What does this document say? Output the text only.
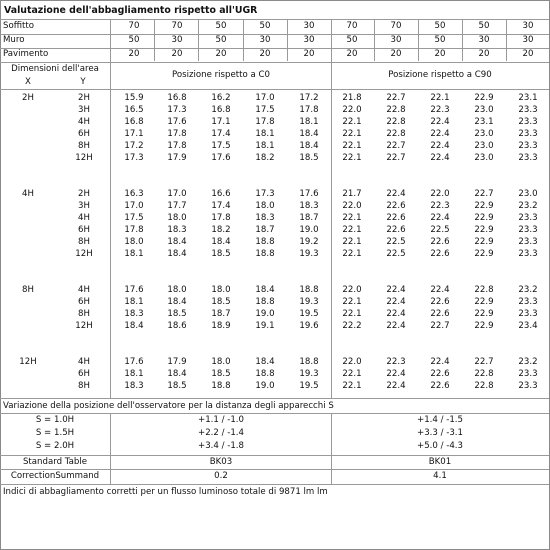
Valutazione dell'abbagliamento rispetto all'UGR
Soffitto	70	70	50	50	30	70	70	50	50	30
Muro	50	30	50	30	30	50	30	50	30	30
Pavimento	20	20	20	20	20	20	20	20	20	20
Dimensioni dell'area
X	Y
Posizione rispetto a C0	Posizione rispetto a C90
2H	2H	15.9	16.8	16.2	17.0	17.2	21.8	22.7	22.1	22.9	23.1
3H	16.5	17.3	16.8	17.5	17.8	22.0	22.8	22.3	23.0	23.3
4H	16.8	17.6	17.1	17.8	18.1	22.1	22.8	22.4	23.1	23.3
6H	17.1	17.8	17.4	18.1	18.4	22.1	22.8	22.4	23.0	23.3
8H	17.2	17.8	17.5	18.1	18.4	22.1	22.7	22.4	23.0	23.3
12H	17.3	17.9	17.6	18.2	18.5	22.1	22.7	22.4	23.0	23.3
4H	2H	16.3	17.0	16.6	17.3	17.6	21.7	22.4	22.0	22.7	23.0
3H	17.0	17.7	17.4	18.0	18.3	22.0	22.6	22.3	22.9	23.2
4H	17.5	18.0	17.8	18.3	18.7	22.1	22.6	22.4	22.9	23.3
6H	17.8	18.3	18.2	18.7	19.0	22.1	22.6	22.5	22.9	23.3
8H	18.0	18.4	18.4	18.8	19.2	22.1	22.5	22.6	22.9	23.3
12H	18.1	18.4	18.5	18.8	19.3	22.1	22.5	22.6	22.9	23.3
8H	4H	17.6	18.0	18.0	18.4	18.8	22.0	22.4	22.4	22.8	23.2
6H	18.1	18.4	18.5	18.8	19.3	22.1	22.4	22.6	22.9	23.3
8H	18.3	18.5	18.7	19.0	19.5	22.1	22.4	22.6	22.9	23.3
12H	18.4	18.6	18.9	19.1	19.6	22.2	22.4	22.7	22.9	23.4
12H	4H	17.6	17.9	18.0	18.4	18.8	22.0	22.3	22.4	22.7	23.2
6H	18.1	18.4	18.5	18.8	19.3	22.1	22.4	22.6	22.8	23.3
8H	18.3	18.5	18.8	19.0	19.5	22.1	22.4	22.6	22.8	23.3
Variazione della posizione dell'osservatore per la distanza degli apparecchi S
S = 1.0H	+1.1 / -1.0	+1.4 / -1.5
S = 1.5H	+2.2 / -1.4	+3.3 / -3.1
S = 2.0H	+3.4 / -1.8	+5.0 / -4.3
Standard Table	BK03	BK01
CorrectionSummand	0.2	4.1
Indici di abbagliamento corretti per un flusso luminoso totale di 9871 lm lm
